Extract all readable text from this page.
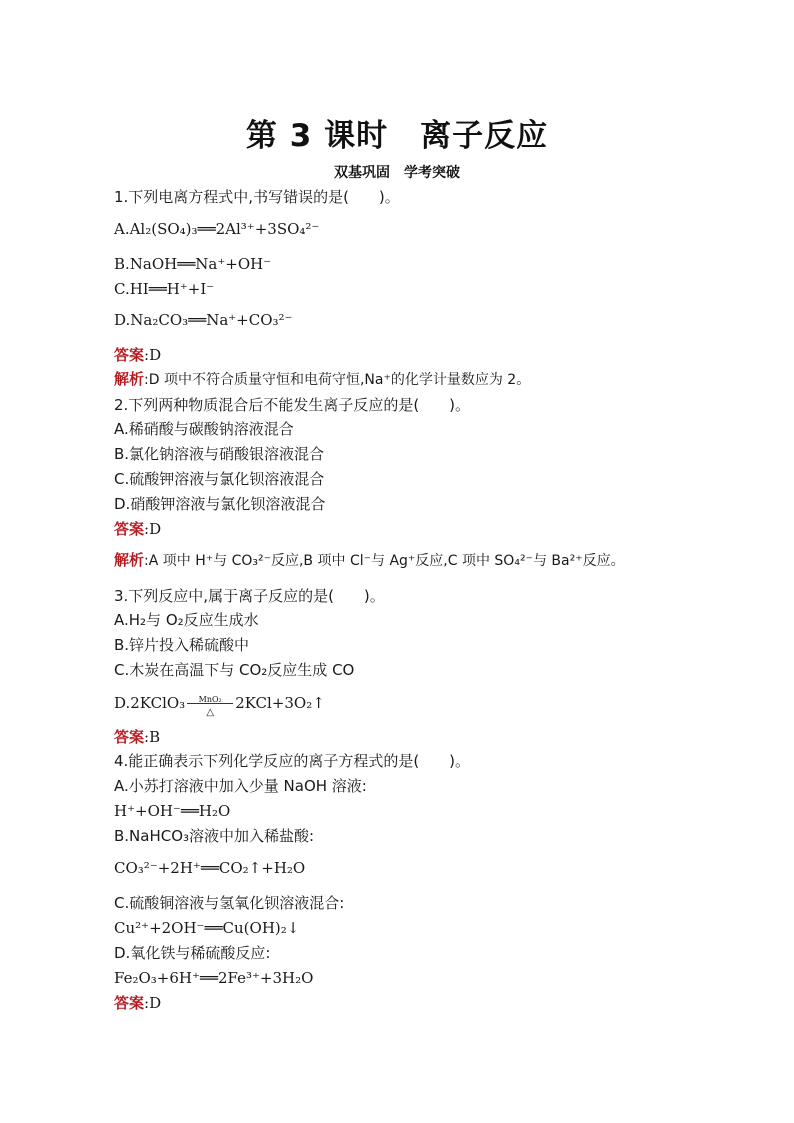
第 3 课时　离子反应
双基巩固　学考突破
1.下列电离方程式中,书写错误的是(　　)。
A.Al₂(SO₄)₃══2Al³⁺+3SO₄²⁻
B.NaOH══Na⁺+OH⁻
C.HI══H⁺+I⁻
D.Na₂CO₃══Na⁺+CO₃²⁻
答案:D
解析:D 项中不符合质量守恒和电荷守恒,Na⁺的化学计量数应为 2。
2.下列两种物质混合后不能发生离子反应的是(　　)。
A.稀硝酸与碳酸钠溶液混合
B.氯化钠溶液与硝酸银溶液混合
C.硫酸钾溶液与氯化钡溶液混合
D.硝酸钾溶液与氯化钡溶液混合
答案:D
解析:A 项中 H⁺与 CO₃²⁻反应,B 项中 Cl⁻与 Ag⁺反应,C 项中 SO₄²⁻与 Ba²⁺反应。
3.下列反应中,属于离子反应的是(　　)。
A.H₂与 O₂反应生成水
B.锌片投入稀硫酸中
C.木炭在高温下与 CO₂反应生成 CO
D.2KClO₃	MnO₂
△
2KCl+3O₂↑
答案:B
4.能正确表示下列化学反应的离子方程式的是(　　)。
A.小苏打溶液中加入少量 NaOH 溶液:
H⁺+OH⁻══H₂O
B.NaHCO₃溶液中加入稀盐酸:
CO₃²⁻+2H⁺══CO₂↑+H₂O
C.硫酸铜溶液与氢氧化钡溶液混合:
Cu²⁺+2OH⁻══Cu(OH)₂↓
D.氧化铁与稀硫酸反应:
Fe₂O₃+6H⁺══2Fe³⁺+3H₂O
答案:D
